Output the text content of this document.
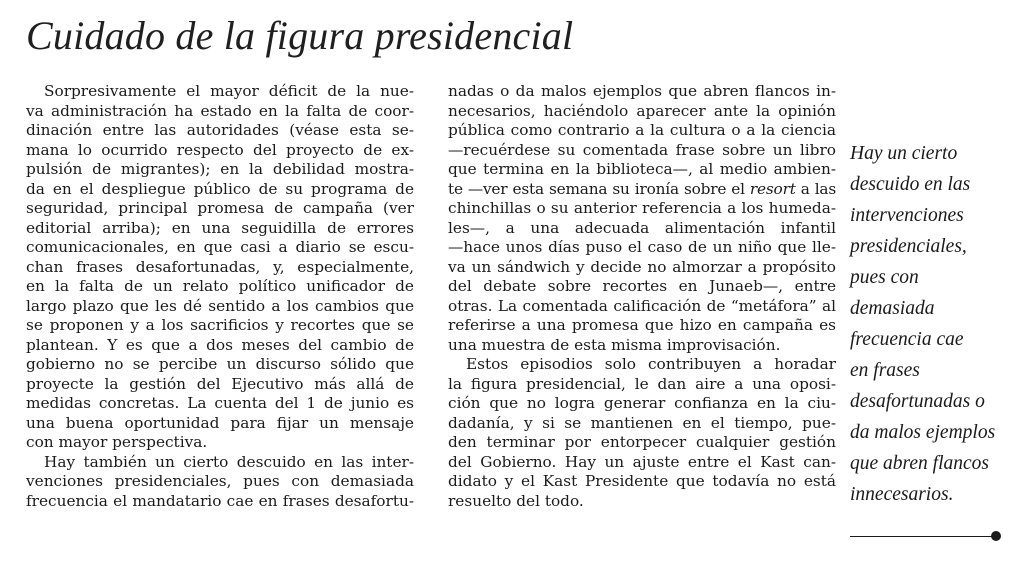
Cuidado de la figura presidencial
Sorpresivamente el mayor déficit de la nue-
va administración ha estado en la falta de coor-
dinación entre las autoridades (véase esta se-
mana lo ocurrido respecto del proyecto de ex-
pulsión de migrantes); en la debilidad mostra-
da en el despliegue público de su programa de
seguridad, principal promesa de campaña (ver
editorial arriba); en una seguidilla de errores
comunicacionales, en que casi a diario se escu-
chan frases desafortunadas, y, especialmente,
en la falta de un relato político unificador de
largo plazo que les dé sentido a los cambios que
se proponen y a los sacrificios y recortes que se
plantean. Y es que a dos meses del cambio de
gobierno no se percibe un discurso sólido que
proyecte la gestión del Ejecutivo más allá de
medidas concretas. La cuenta del 1 de junio es
una buena oportunidad para fijar un mensaje
con mayor perspectiva.
Hay también un cierto descuido en las inter-
venciones presidenciales, pues con demasiada
frecuencia el mandatario cae en frases desafortu-
nadas o da malos ejemplos que abren flancos in-
necesarios, haciéndolo aparecer ante la opinión
pública como contrario a la cultura o a la ciencia
—recuérdese su comentada frase sobre un libro
que termina en la biblioteca—, al medio ambien-
te —ver esta semana su ironía sobre el resort a las
chinchillas o su anterior referencia a los humeda-
les—, a una adecuada alimentación infantil
—hace unos días puso el caso de un niño que lle-
va un sándwich y decide no almorzar a propósito
del debate sobre recortes en Junaeb—, entre
otras. La comentada calificación de “metáfora” al
referirse a una promesa que hizo en campaña es
una muestra de esta misma improvisación.
Estos episodios solo contribuyen a horadar
la figura presidencial, le dan aire a una oposi-
ción que no logra generar confianza en la ciu-
dadanía, y si se mantienen en el tiempo, pue-
den terminar por entorpecer cualquier gestión
del Gobierno. Hay un ajuste entre el Kast can-
didato y el Kast Presidente que todavía no está
resuelto del todo.
Hay un cierto
descuido en las
intervenciones
presidenciales,
pues con
demasiada
frecuencia cae
en frases
desafortunadas o
da malos ejemplos
que abren flancos
innecesarios.
